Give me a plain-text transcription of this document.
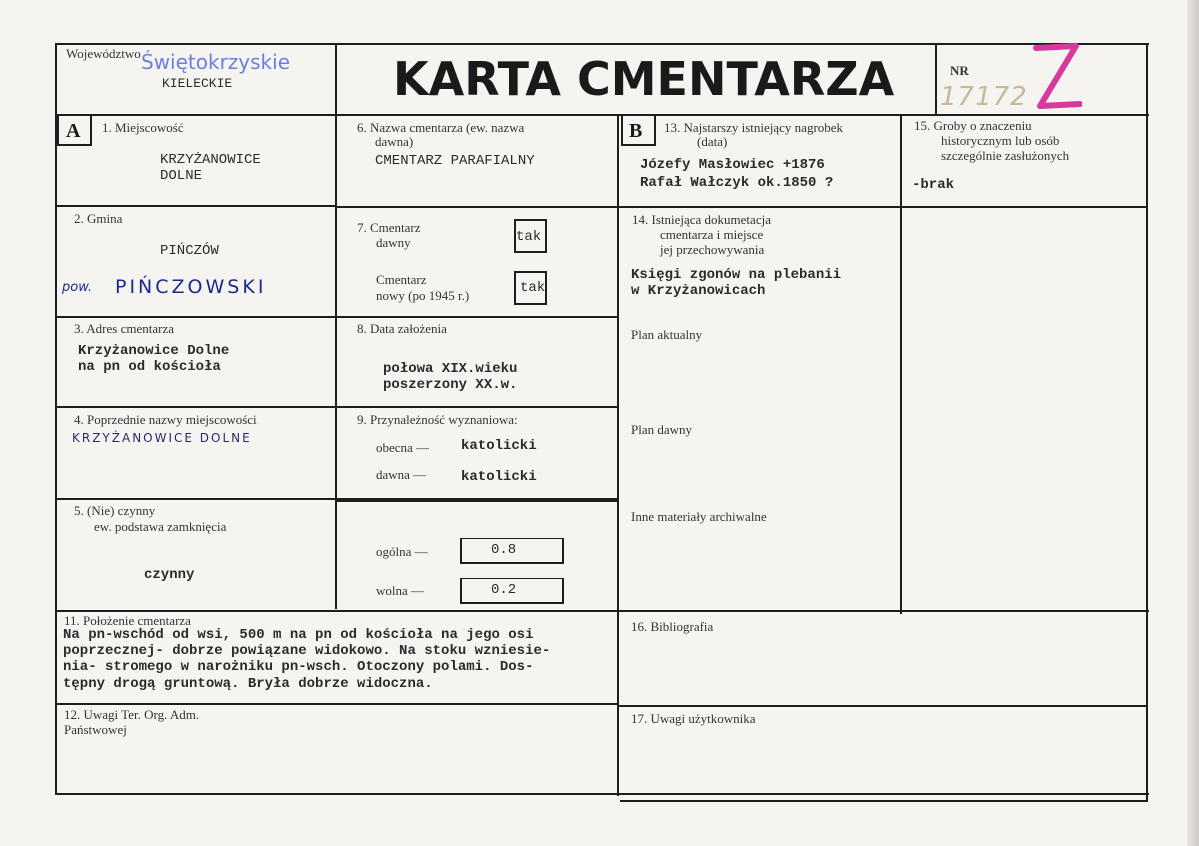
Województwo Świętokrzyskie
KIELECKIE	KARTA CMENTARZA	NR
17172
A 1. Miejscowość
KRZYŻANOWICE
DOLNE
2. Gmina
PIŃCZÓW
pow. PIŃCZOWSKI
3. Adres cmentarza
Krzyżanowice Dolne
na pn od kościoła
4. Poprzednie nazwy miejscowości
KRZYŻANOWICE DOLNE
5. (Nie) czynny
ew. podstawa zamknięcia
czynny
6. Nazwa cmentarza (ew. nazwa
dawna)
CMENTARZ PARAFIALNY
7. Cmentarz
dawny	tak
Cmentarz
nowy (po 1945 r.)	tak
8. Data założenia
połowa XIX.wieku
poszerzony XX.w.
9. Przynależność wyznaniowa:
obecna — katolicki
dawna — katolicki
ogólna —	0.8
wolna —	0.2
B 13. Najstarszy istniejący nagrobek
(data)
Józefy Masłowiec +1876
Rafał Wałczyk ok.1850 ?
14. Istniejąca dokumetacja
cmentarza i miejsce
jej przechowywania
Księgi zgonów na plebanii
w Krzyżanowicach
Plan aktualny
Plan dawny
Inne materiały archiwalne
15. Groby o znaczeniu
historycznym lub osób
szczególnie zasłużonych
-brak
11. Położenie cmentarza
Na pn-wschód od wsi, 500 m na pn od kościoła na jego osi
poprzecznej- dobrze powiązane widokowo. Na stoku wzniesie-
nia- stromego w narożniku pn-wsch. Otoczony polami. Dos-
tępny drogą gruntową. Bryła dobrze widoczna.
16. Bibliografia
12. Uwagi Ter. Org. Adm.
Państwowej
17. Uwagi użytkownika
